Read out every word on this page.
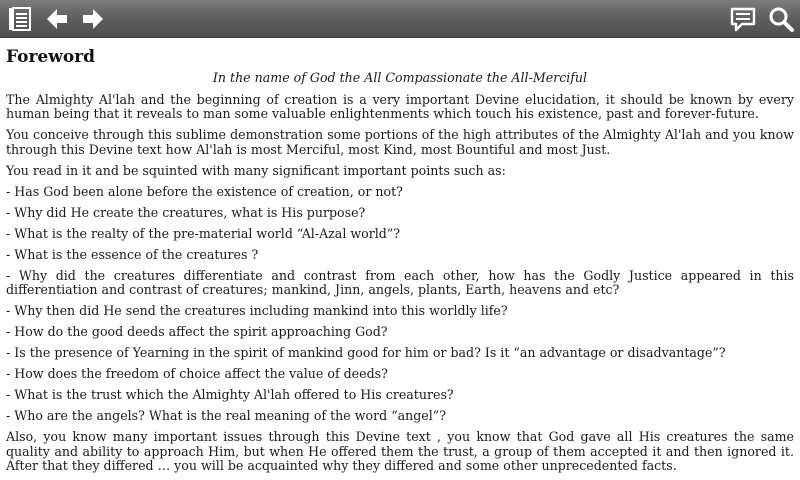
Foreword
In the name of God the All Compassionate the All-Merciful
The Almighty Al'lah and the beginning of creation is a very important Devine elucidation, it should be known by every human being that it reveals to man some valuable enlightenments which touch his existence, past and forever-future.
You conceive through this sublime demonstration some portions of the high attributes of the Almighty Al'lah and you know through this Devine text how Al'lah is most Merciful, most Kind, most Bountiful and most Just.
You read in it and be squinted with many significant important points such as:
- Has God been alone before the existence of creation, or not?
- Why did He create the creatures, what is His purpose?
- What is the realty of the pre-material world “Al-Azal world”?
- What is the essence of the creatures ?
- Why did the creatures differentiate and contrast from each other, how has the Godly Justice appeared in this differentiation and contrast of creatures; mankind, Jinn, angels, plants, Earth, heavens and etc?
- Why then did He send the creatures including mankind into this worldly life?
- How do the good deeds affect the spirit approaching God?
- Is the presence of Yearning in the spirit of mankind good for him or bad? Is it “an advantage or disadvantage”?
- How does the freedom of choice affect the value of deeds?
- What is the trust which the Almighty Al'lah offered to His creatures?
- Who are the angels? What is the real meaning of the word “angel”?
Also, you know many important issues through this Devine text , you know that God gave all His creatures the same quality and ability to approach Him, but when He offered them the trust, a group of them accepted it and then ignored it. After that they differed … you will be acquainted why they differed and some other unprecedented facts.
